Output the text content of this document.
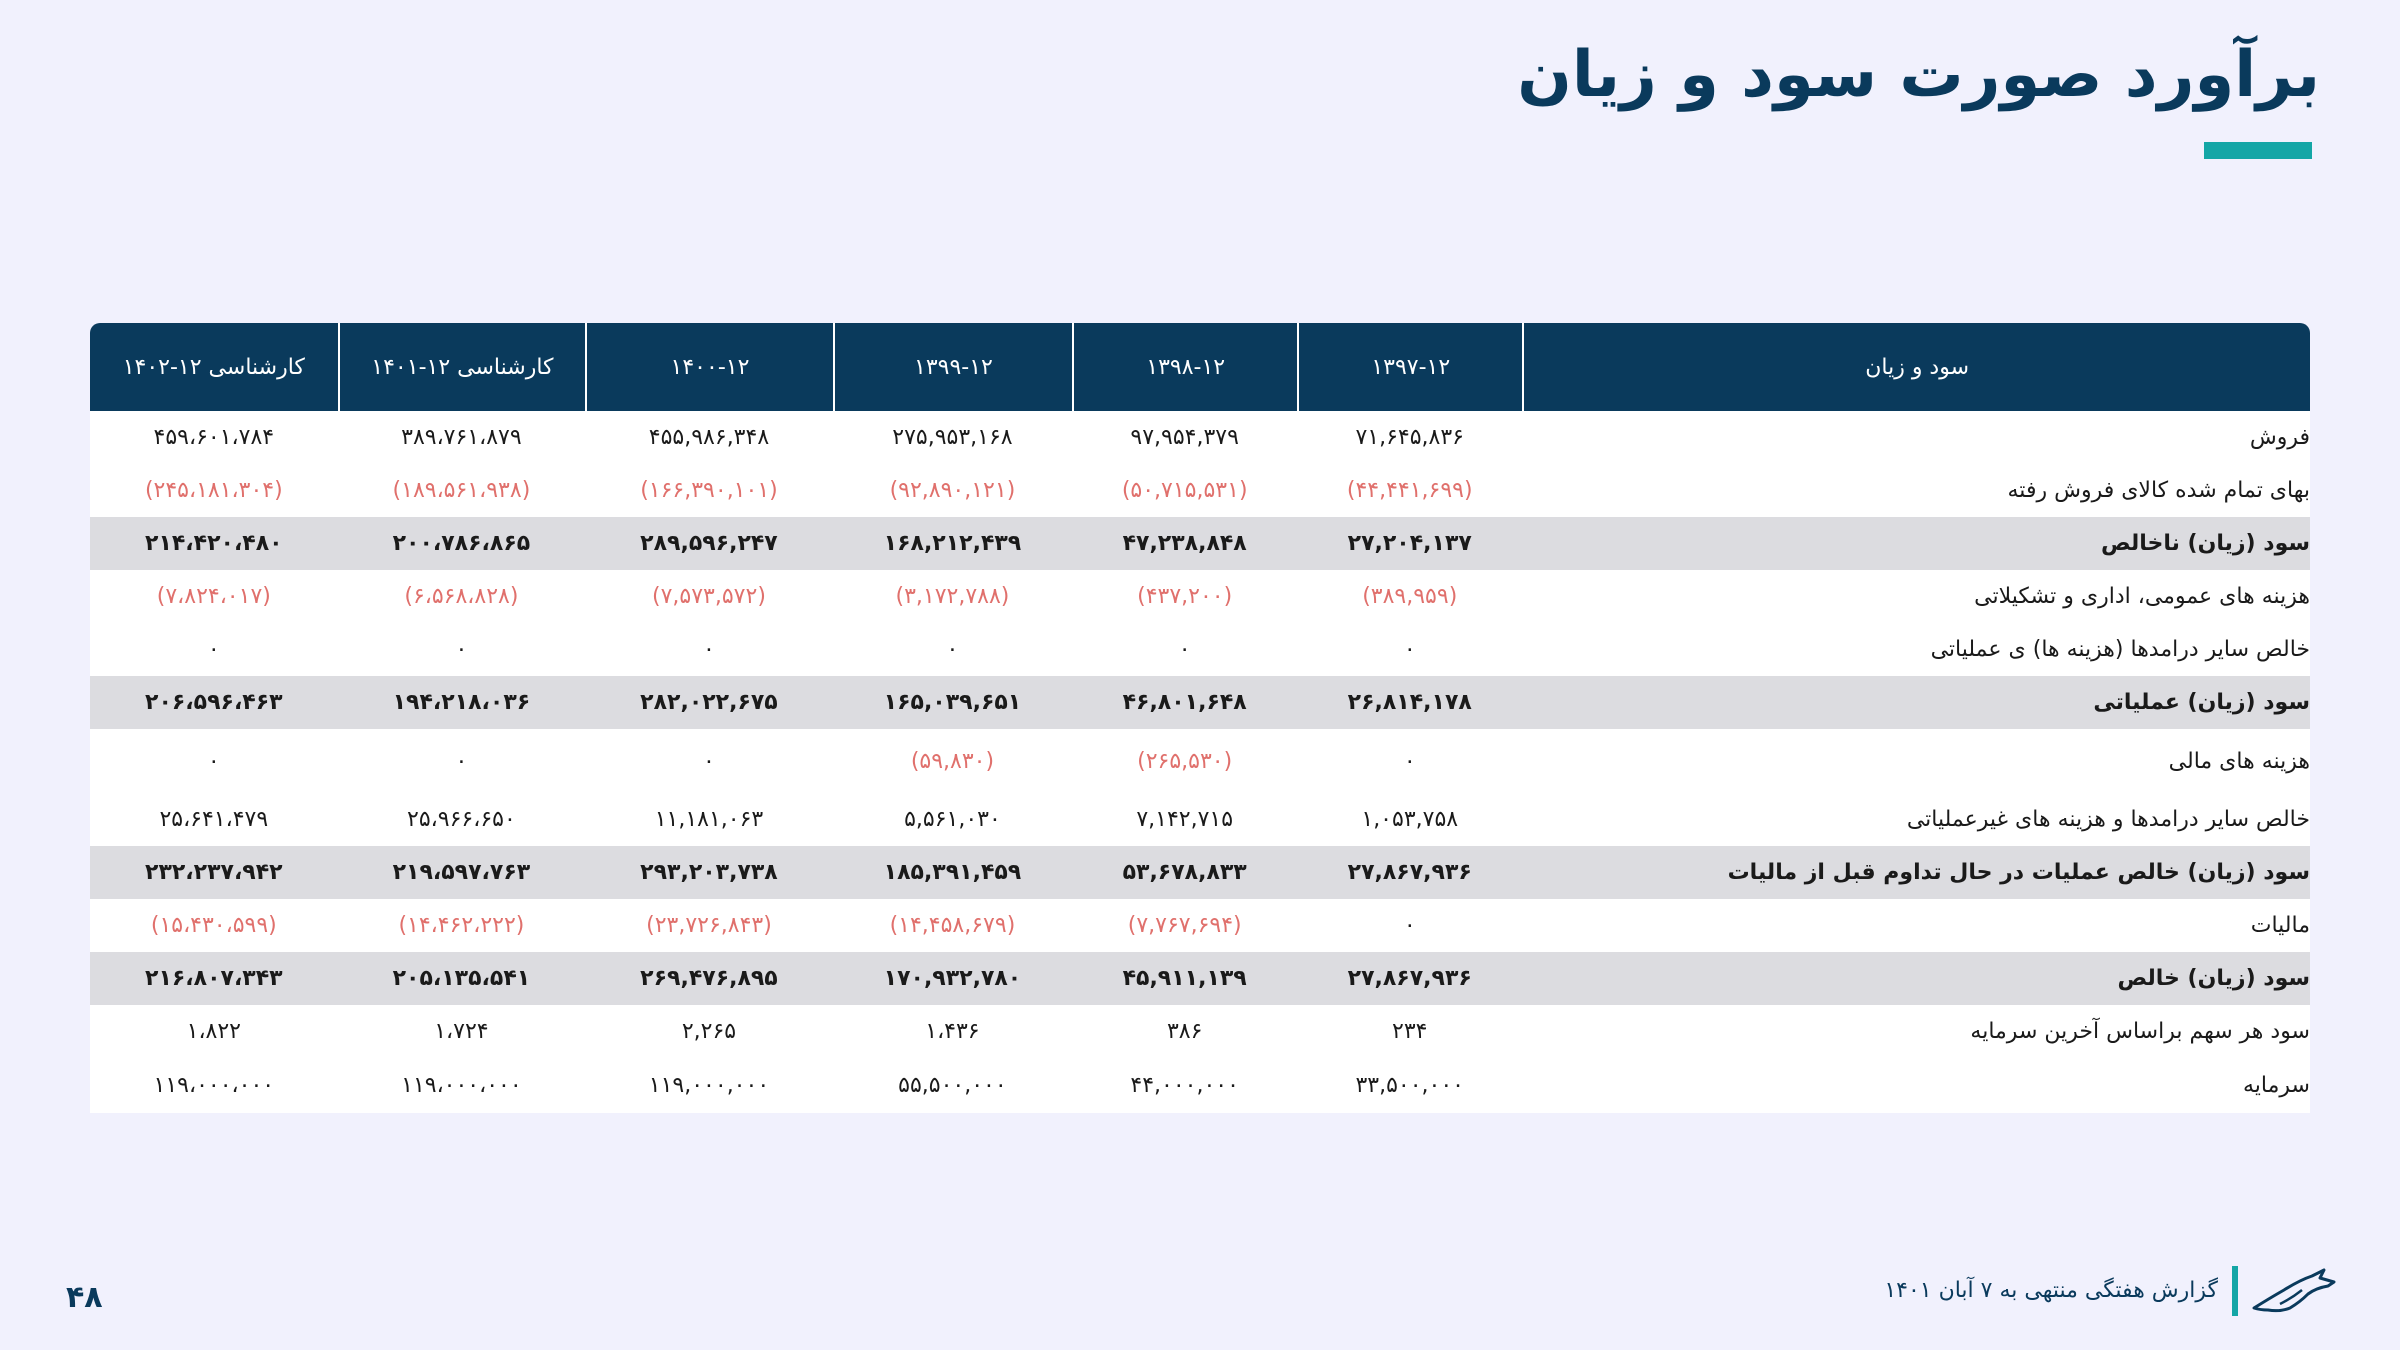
برآورد صورت سود و زیان
سود و زیان	۱۳۹۷-۱۲	۱۳۹۸-۱۲	۱۳۹۹-۱۲	۱۴۰۰-۱۲	کارشناسی ۱۲-۱۴۰۱	کارشناسی ۱۲-۱۴۰۲
فروش	۷۱,۶۴۵,۸۳۶	۹۷,۹۵۴,۳۷۹	۲۷۵,۹۵۳,۱۶۸	۴۵۵,۹۸۶,۳۴۸	۳۸۹،۷۶۱،۸۷۹	۴۵۹،۶۰۱،۷۸۴
بهای تمام شده کالای فروش رفته	(۴۴,۴۴۱,۶۹۹)	(۵۰,۷۱۵,۵۳۱)	(۹۲,۸۹۰,۱۲۱)	(۱۶۶,۳۹۰,۱۰۱)	(۱۸۹،۵۶۱،۹۳۸)	(۲۴۵،۱۸۱،۳۰۴)
سود (زیان) ناخالص	۲۷,۲۰۴,۱۳۷	۴۷,۲۳۸,۸۴۸	۱۶۸,۲۱۲,۴۳۹	۲۸۹,۵۹۶,۲۴۷	۲۰۰،۷۸۶،۸۶۵	۲۱۴،۴۲۰،۴۸۰
هزینه های عمومی، اداری و تشکیلاتی	(۳۸۹,۹۵۹)	(۴۳۷,۲۰۰)	(۳,۱۷۲,۷۸۸)	(۷,۵۷۳,۵۷۲)	(۶،۵۶۸،۸۲۸)	(۷،۸۲۴،۰۱۷)
خالص سایر درامدها (هزینه ها) ی عملیاتی	۰	۰	۰	۰	۰	۰
سود (زیان) عملیاتی	۲۶,۸۱۴,۱۷۸	۴۶,۸۰۱,۶۴۸	۱۶۵,۰۳۹,۶۵۱	۲۸۲,۰۲۲,۶۷۵	۱۹۴،۲۱۸،۰۳۶	۲۰۶،۵۹۶،۴۶۳
هزینه های مالی	۰	(۲۶۵,۵۳۰)	(۵۹,۸۳۰)	۰	۰	۰
خالص سایر درامدها و هزینه های غیرعملیاتی	۱,۰۵۳,۷۵۸	۷,۱۴۲,۷۱۵	۵,۵۶۱,۰۳۰	۱۱,۱۸۱,۰۶۳	۲۵،۹۶۶،۶۵۰	۲۵،۶۴۱،۴۷۹
سود (زیان) خالص عملیات در حال تداوم قبل از مالیات	۲۷,۸۶۷,۹۳۶	۵۳,۶۷۸,۸۳۳	۱۸۵,۳۹۱,۴۵۹	۲۹۳,۲۰۳,۷۳۸	۲۱۹،۵۹۷،۷۶۳	۲۳۲،۲۳۷،۹۴۲
مالیات	۰	(۷,۷۶۷,۶۹۴)	(۱۴,۴۵۸,۶۷۹)	(۲۳,۷۲۶,۸۴۳)	(۱۴،۴۶۲،۲۲۲)	(۱۵،۴۳۰،۵۹۹)
سود (زیان) خالص	۲۷,۸۶۷,۹۳۶	۴۵,۹۱۱,۱۳۹	۱۷۰,۹۳۲,۷۸۰	۲۶۹,۴۷۶,۸۹۵	۲۰۵،۱۳۵،۵۴۱	۲۱۶،۸۰۷،۳۴۳
سود هر سهم براساس آخرین سرمایه	۲۳۴	۳۸۶	۱،۴۳۶	۲,۲۶۵	۱،۷۲۴	۱،۸۲۲
سرمایه	۳۳,۵۰۰,۰۰۰	۴۴,۰۰۰,۰۰۰	۵۵,۵۰۰,۰۰۰	۱۱۹,۰۰۰,۰۰۰	۱۱۹،۰۰۰،۰۰۰	۱۱۹،۰۰۰،۰۰۰
۴۸	گزارش هفتگی منتهی به ۷ آبان ۱۴۰۱
